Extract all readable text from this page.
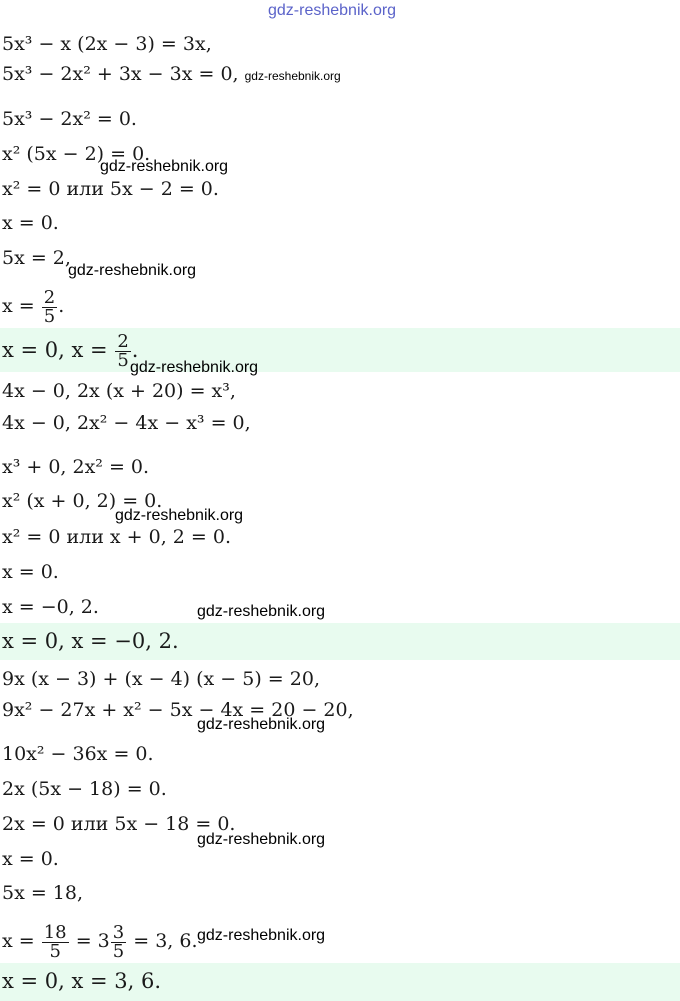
gdz-reshebnik.org
5x³ − x (2x − 3) = 3x,
5x³ − 2x² + 3x − 3x = 0, gdz-reshebnik.org
5x³ − 2x² = 0.
x² (5x − 2) = 0.
gdz-reshebnik.org
x² = 0 или 5x − 2 = 0.
x = 0.
5x = 2,
gdz-reshebnik.org
$x = \frac{2}{5}$ .
x = 0, $x = \frac{2}{5}$ .
gdz-reshebnik.org
4x − 0, 2x (x + 20) = x³,
4x − 0, 2x² − 4x − x³ = 0,
x³ + 0, 2x² = 0.
x² (x + 0, 2) = 0.
gdz-reshebnik.org
x² = 0 или x + 0, 2 = 0.
x = 0.
x = −0, 2.	gdz-reshebnik.org
x = 0, x = −0, 2.
9x (x − 3) + (x − 4) (x − 5) = 20,
9x² − 27x + x² − 5x − 4x = 20 − 20,
gdz-reshebnik.org
10x² − 36x = 0.
2x (5x − 18) = 0.
2x = 0 или 5x − 18 = 0.
gdz-reshebnik.org
x = 0.
5x = 18,
$x = \frac{18}{5} = 3 \frac{3}{5} = 3$, 6. gdz-reshebnik.org
x = 0, x = 3, 6.
